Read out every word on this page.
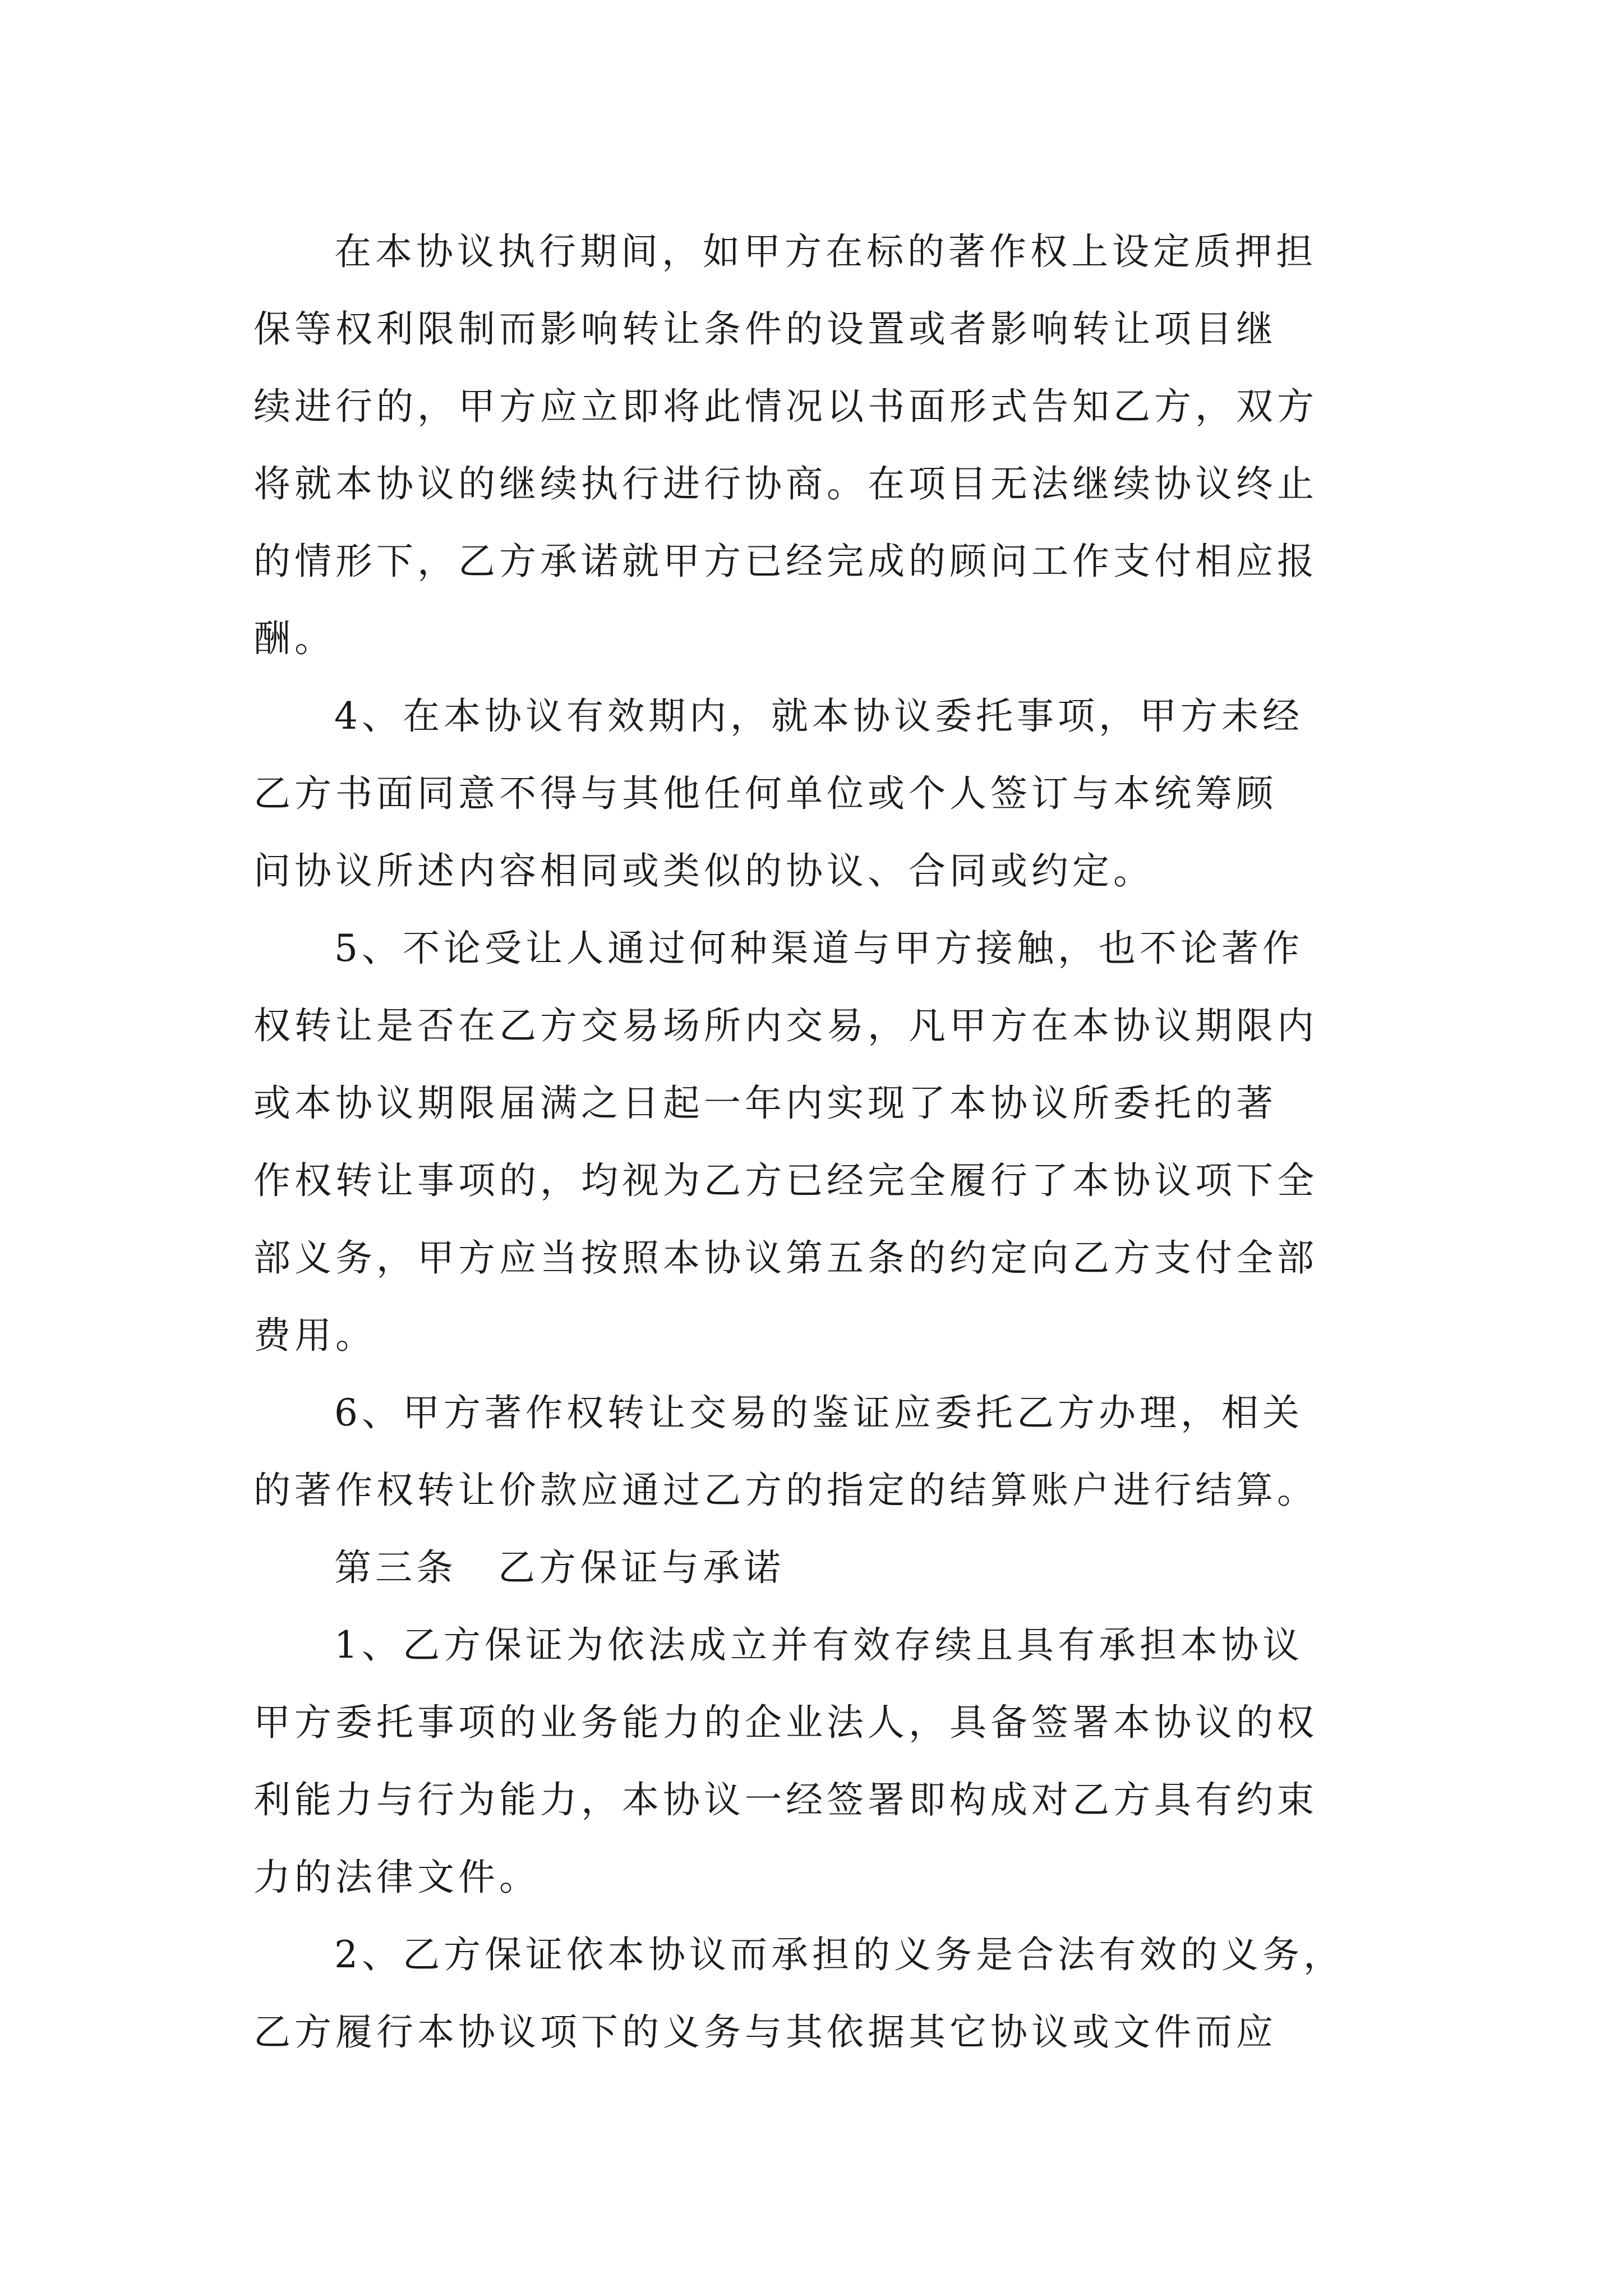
在本协议执行期间，如甲方在标的著作权上设定质押担
保等权利限制而影响转让条件的设置或者影响转让项目继
续进行的，甲方应立即将此情况以书面形式告知乙方，双方
将就本协议的继续执行进行协商。在项目无法继续协议终止
的情形下，乙方承诺就甲方已经完成的顾问工作支付相应报
酬。
4、在本协议有效期内，就本协议委托事项，甲方未经
乙方书面同意不得与其他任何单位或个人签订与本统筹顾
问协议所述内容相同或类似的协议、合同或约定。
5、不论受让人通过何种渠道与甲方接触，也不论著作
权转让是否在乙方交易场所内交易，凡甲方在本协议期限内
或本协议期限届满之日起一年内实现了本协议所委托的著
作权转让事项的，均视为乙方已经完全履行了本协议项下全
部义务，甲方应当按照本协议第五条的约定向乙方支付全部
费用。
6、甲方著作权转让交易的鉴证应委托乙方办理，相关
的著作权转让价款应通过乙方的指定的结算账户进行结算。
第三条　乙方保证与承诺
1、乙方保证为依法成立并有效存续且具有承担本协议
甲方委托事项的业务能力的企业法人，具备签署本协议的权
利能力与行为能力，本协议一经签署即构成对乙方具有约束
力的法律文件。
2、乙方保证依本协议而承担的义务是合法有效的义务，
乙方履行本协议项下的义务与其依据其它协议或文件而应
